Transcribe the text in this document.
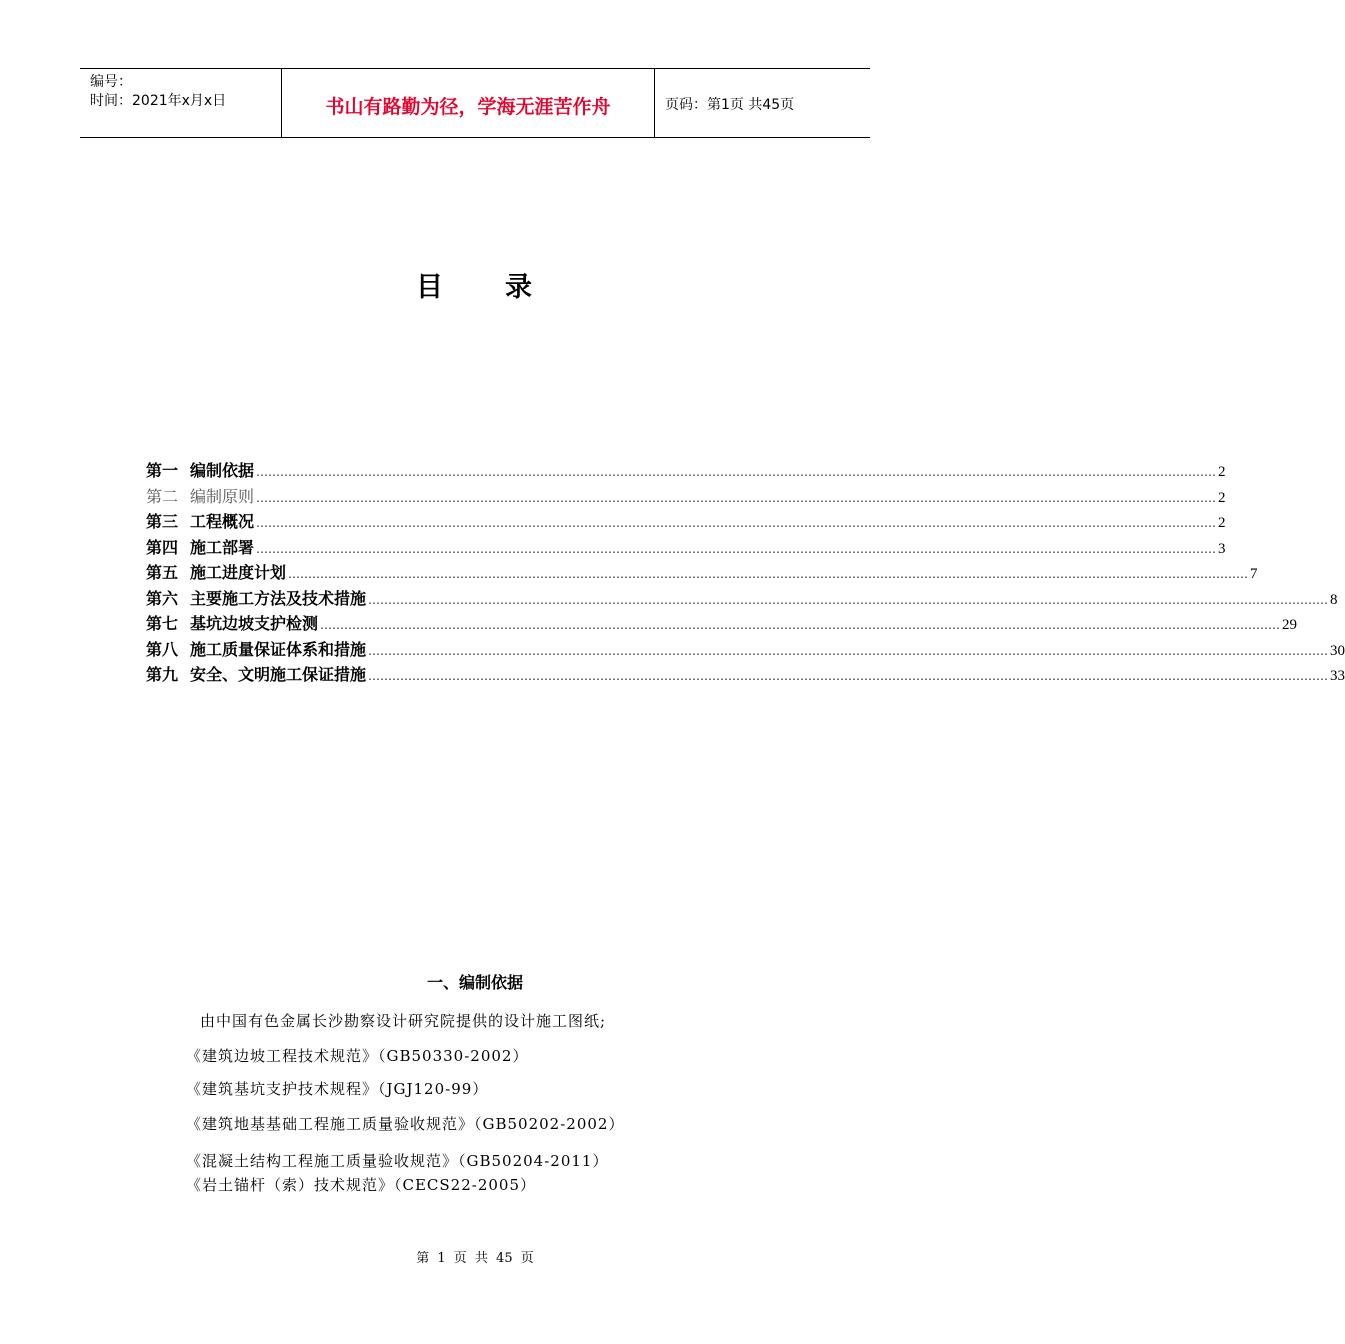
编号：
时间：2021年x月x日	书山有路勤为径，学海无涯苦作舟	页码：第1页 共45页
目 录
第一 编制依据 …………………………………………………………………………………………………………………………………………………………………………………………………………………… 2
第二 编制原则 …………………………………………………………………………………………………………………………………………………………………………………………………………………… 2
第三 工程概况 …………………………………………………………………………………………………………………………………………………………………………………………………………………… 2
第四 施工部署 …………………………………………………………………………………………………………………………………………………………………………………………………………………… 3
第五 施工进度计划 …………………………………………………………………………………………………………………………………………………………………………………………………………………… 7
第六 主要施工方法及技术措施 …………………………………………………………………………………………………………………………………………………………………………………………………………………… 8
第七 基坑边坡支护检测 …………………………………………………………………………………………………………………………………………………………………………………………………………………… 29
第八 施工质量保证体系和措施 …………………………………………………………………………………………………………………………………………………………………………………………………………………… 30
第九 安全、文明施工保证措施 …………………………………………………………………………………………………………………………………………………………………………………………………………………… 33
一、编制依据
由中国有色金属长沙勘察设计研究院提供的设计施工图纸;
《建筑边坡工程技术规范》（GB50330-2002）
《建筑基坑支护技术规程》（JGJ120-99）
《建筑地基基础工程施工质量验收规范》（GB50202-2002）
《混凝土结构工程施工质量验收规范》（GB50204-2011）
《岩土锚杆（索）技术规范》（CECS22-2005）
第 1 页 共 45 页
